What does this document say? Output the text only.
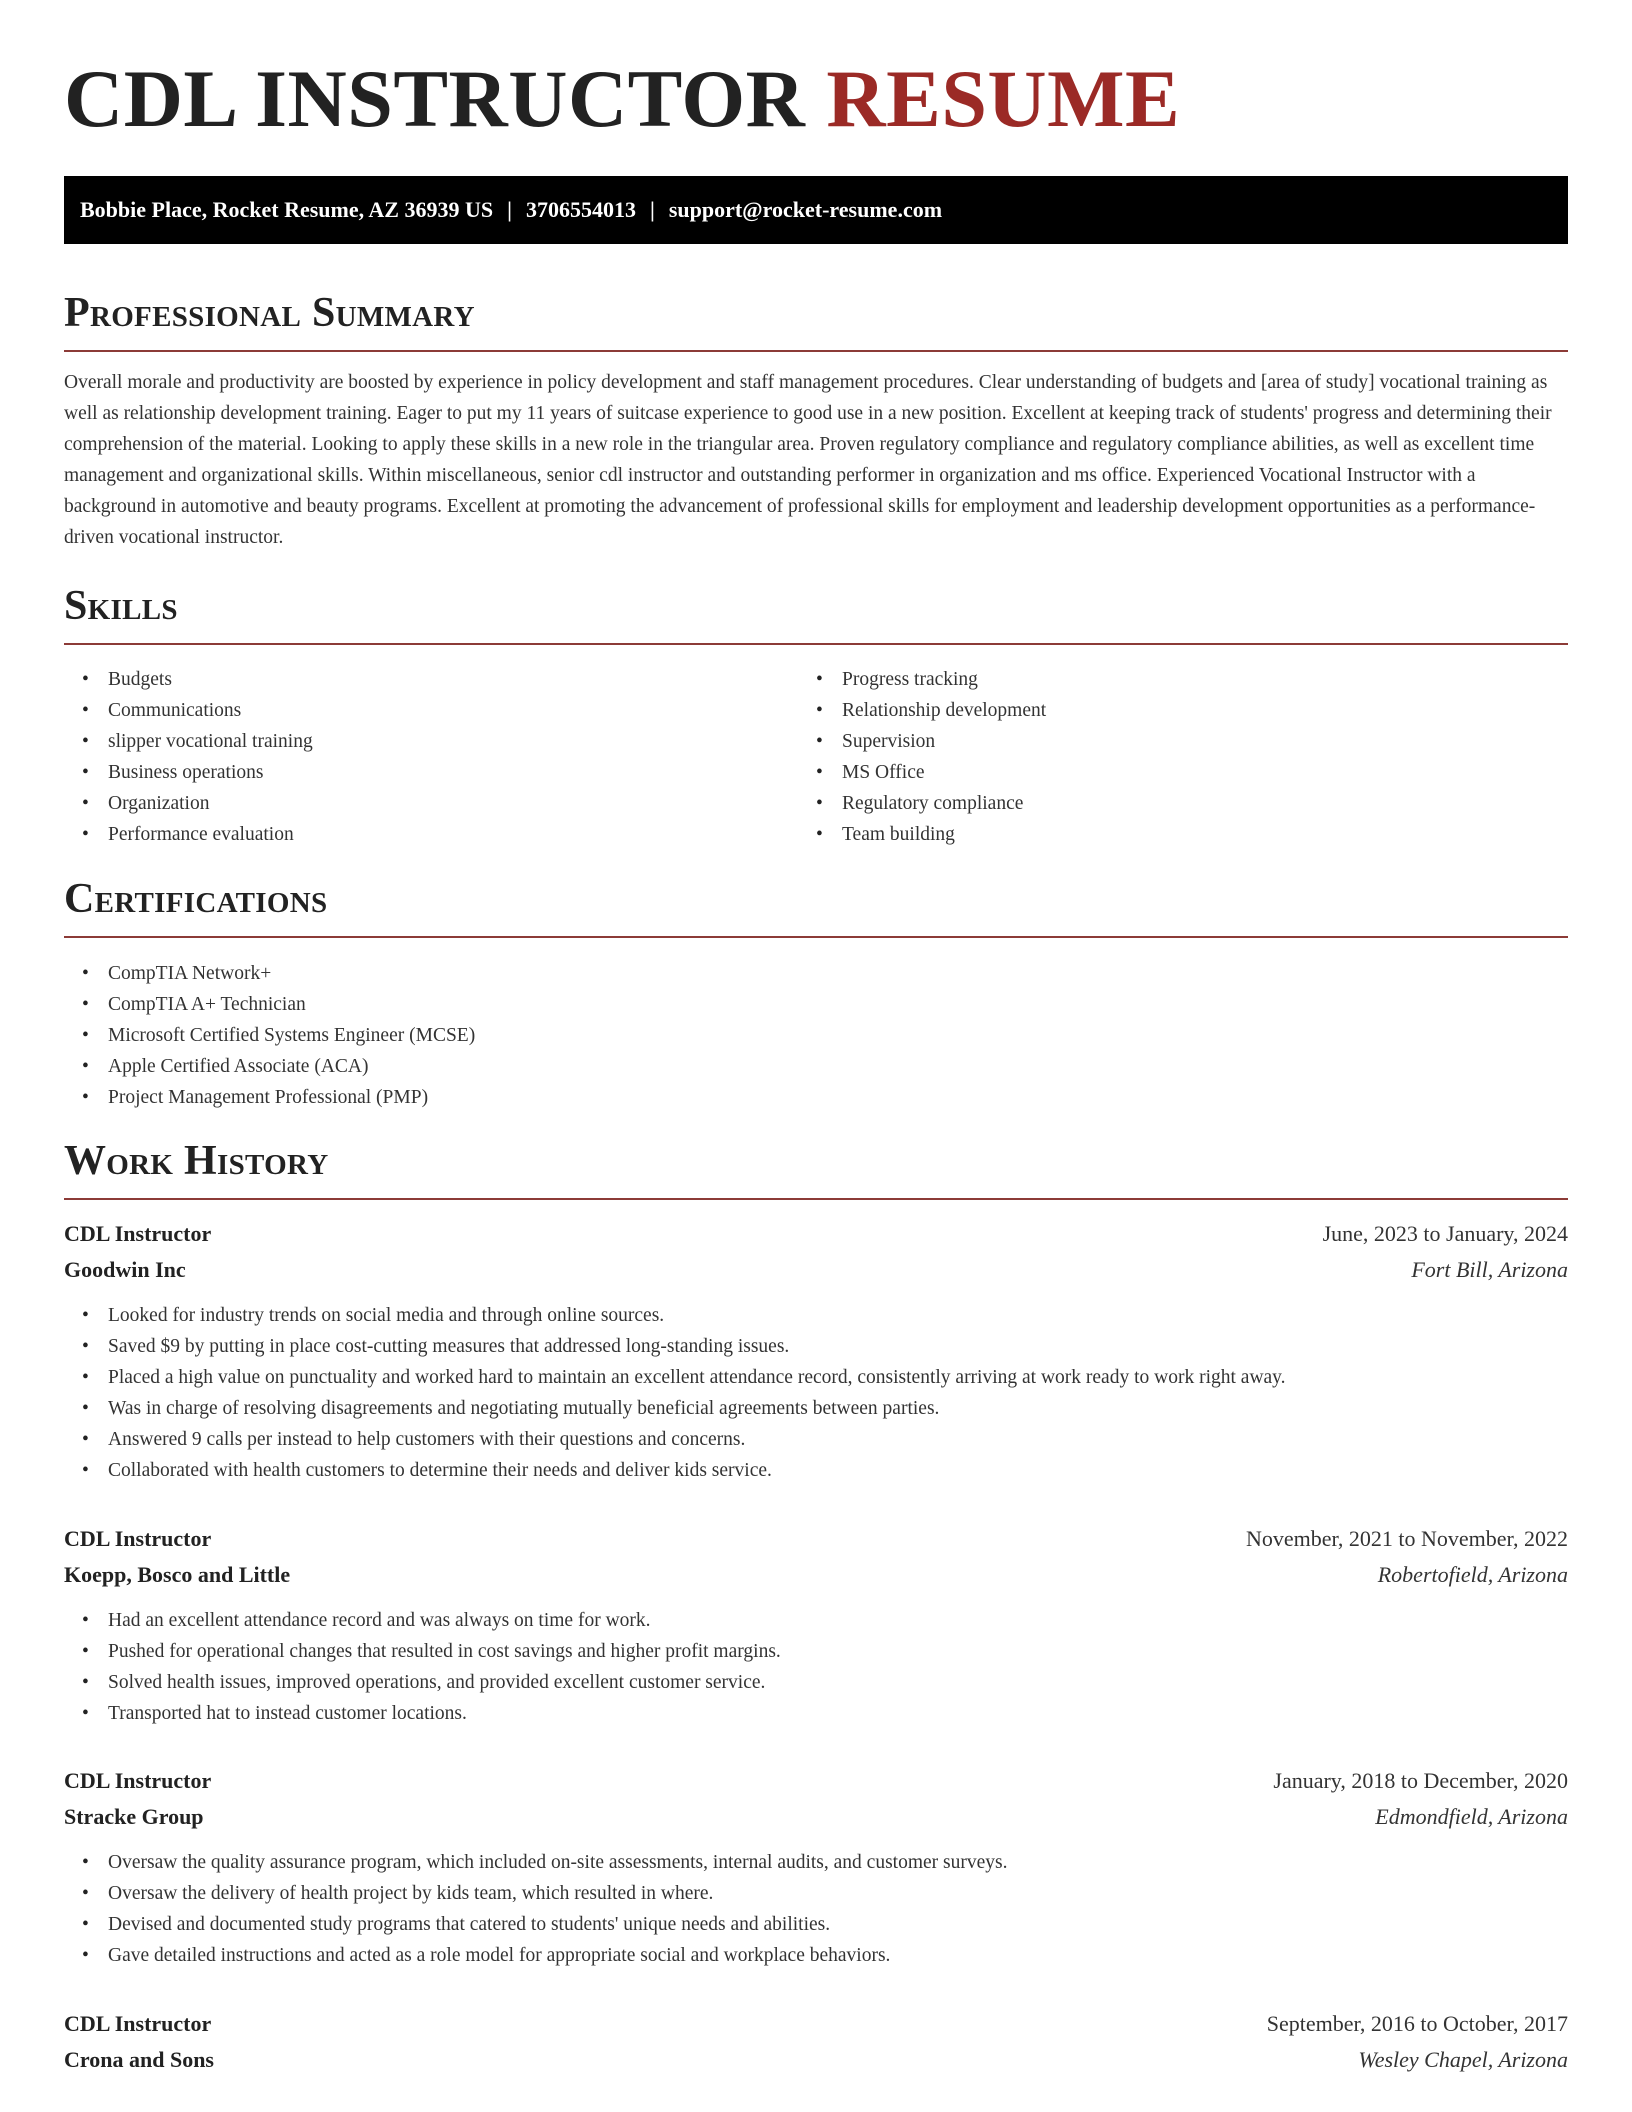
CDL INSTRUCTOR RESUME
Bobbie Place, Rocket Resume, AZ 36939 US | 3706554013 | support@rocket-resume.com
Professional Summary

Overall morale and productivity are boosted by experience in policy development and staff management procedures. Clear understanding of budgets and [area of study] vocational training as well as relationship development training. Eager to put my 11 years of suitcase experience to good use in a new position. Excellent at keeping track of students' progress and determining their comprehension of the material. Looking to apply these skills in a new role in the triangular area. Proven regulatory compliance and regulatory compliance abilities, as well as excellent time management and organizational skills. Within miscellaneous, senior cdl instructor and outstanding performer in organization and ms office. Experienced Vocational Instructor with a background in automotive and beauty programs. Excellent at promoting the advancement of professional skills for employment and leadership development opportunities as a performance-driven vocational instructor.

Skills
• Budgets
• Communications
• slipper vocational training
• Business operations
• Organization
• Performance evaluation
• Progress tracking
• Relationship development
• Supervision
• MS Office
• Regulatory compliance
• Team building
Certifications
• CompTIA Network+
• CompTIA A+ Technician
• Microsoft Certified Systems Engineer (MCSE)
• Apple Certified Associate (ACA)
• Project Management Professional (PMP)
Work History
CDL Instructor	June, 2023 to January, 2024
Goodwin Inc	Fort Bill, Arizona
• Looked for industry trends on social media and through online sources.
• Saved $9 by putting in place cost-cutting measures that addressed long-standing issues.
• Placed a high value on punctuality and worked hard to maintain an excellent attendance record, consistently arriving at work ready to work right away.
• Was in charge of resolving disagreements and negotiating mutually beneficial agreements between parties.
• Answered 9 calls per instead to help customers with their questions and concerns.
• Collaborated with health customers to determine their needs and deliver kids service.
CDL Instructor	November, 2021 to November, 2022
Koepp, Bosco and Little	Robertofield, Arizona
• Had an excellent attendance record and was always on time for work.
• Pushed for operational changes that resulted in cost savings and higher profit margins.
• Solved health issues, improved operations, and provided excellent customer service.
• Transported hat to instead customer locations.
CDL Instructor	January, 2018 to December, 2020
Stracke Group	Edmondfield, Arizona
• Oversaw the quality assurance program, which included on-site assessments, internal audits, and customer surveys.
• Oversaw the delivery of health project by kids team, which resulted in where.
• Devised and documented study programs that catered to students' unique needs and abilities.
• Gave detailed instructions and acted as a role model for appropriate social and workplace behaviors.
CDL Instructor	September, 2016 to October, 2017
Crona and Sons	Wesley Chapel, Arizona
